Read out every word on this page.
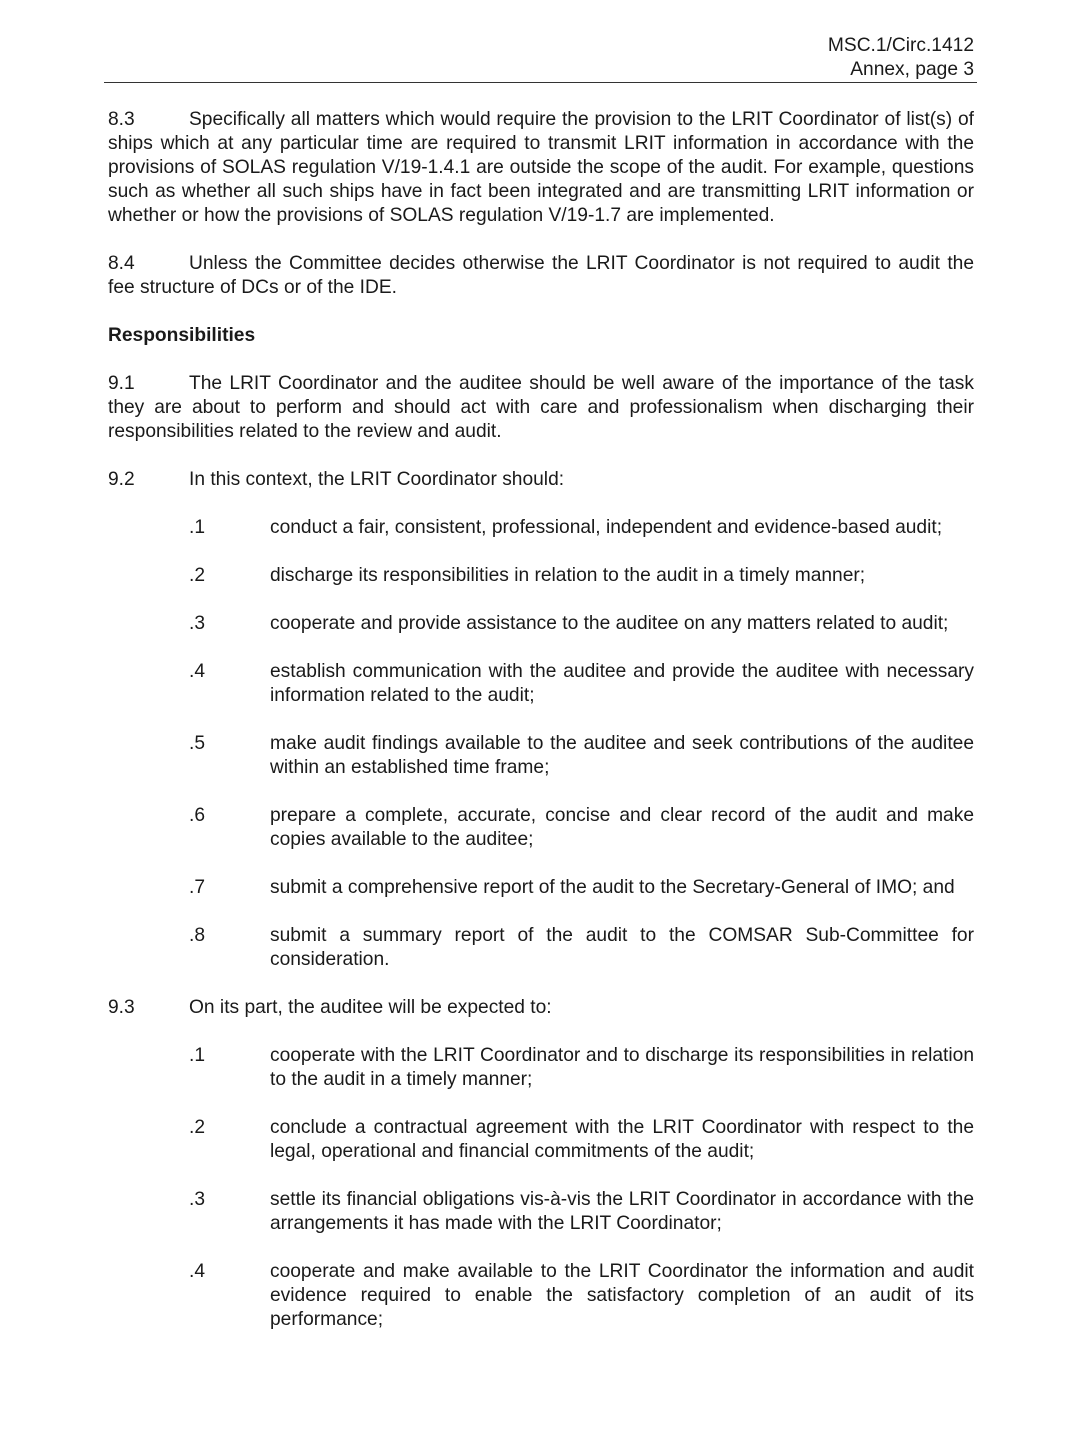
MSC.1/Circ.1412
Annex, page 3

8.3	Specifically all matters which would require the provision to the LRIT Coordinator of list(s) of ships which at any particular time are required to transmit LRIT information in accordance with the provisions of SOLAS regulation V/19-1.4.1 are outside the scope of the audit. For example, questions such as whether all such ships have in fact been integrated and are transmitting LRIT information or whether or how the provisions of SOLAS regulation V/19-1.7 are implemented.

8.4	Unless the Committee decides otherwise the LRIT Coordinator is not required to audit the fee structure of DCs or of the IDE.

Responsibilities

9.1	The LRIT Coordinator and the auditee should be well aware of the importance of the task they are about to perform and should act with care and professionalism when discharging their responsibilities related to the review and audit.

9.2	In this context, the LRIT Coordinator should:
.1	conduct a fair, consistent, professional, independent and evidence-based audit;
.2	discharge its responsibilities in relation to the audit in a timely manner;
.3	cooperate and provide assistance to the auditee on any matters related to audit;
.4	establish communication with the auditee and provide the auditee with necessary information related to the audit;
.5	make audit findings available to the auditee and seek contributions of the auditee within an established time frame;
.6	prepare a complete, accurate, concise and clear record of the audit and make copies available to the auditee;
.7	submit a comprehensive report of the audit to the Secretary-General of IMO; and
.8	submit a summary report of the audit to the COMSAR Sub-Committee for consideration.
9.3	On its part, the auditee will be expected to:
.1	cooperate with the LRIT Coordinator and to discharge its responsibilities in relation to the audit in a timely manner;
.2	conclude a contractual agreement with the LRIT Coordinator with respect to the legal, operational and financial commitments of the audit;
.3	settle its financial obligations vis-à-vis the LRIT Coordinator in accordance with the arrangements it has made with the LRIT Coordinator;
.4	cooperate and make available to the LRIT Coordinator the information and audit evidence required to enable the satisfactory completion of an audit of its performance;
